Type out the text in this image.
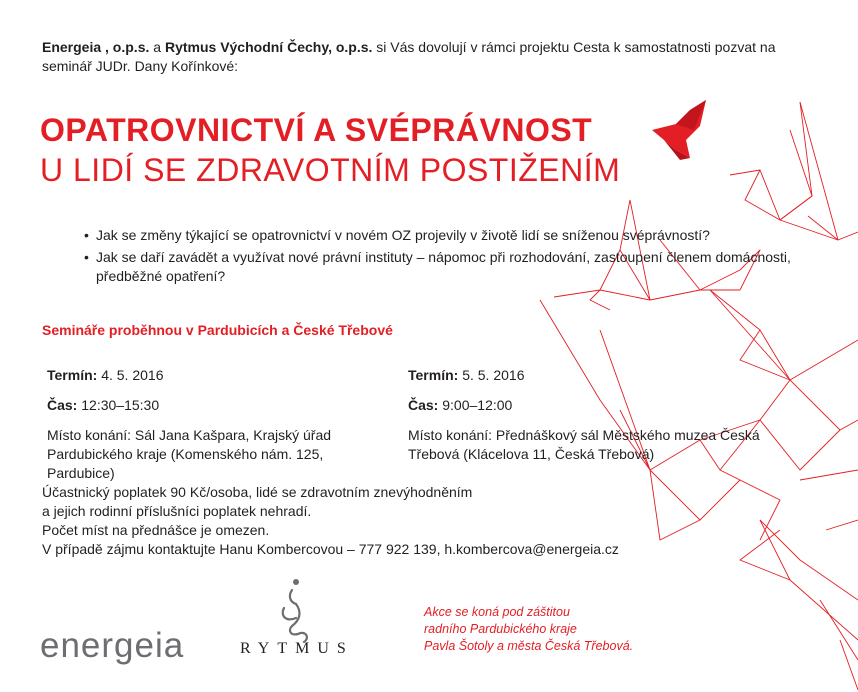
Energeia , o.p.s. a Rytmus Východní Čechy, o.p.s. si Vás dovolují v rámci projektu Cesta k samostatnosti pozvat na seminář JUDr. Dany Kořínkové:
OPATROVNICTVÍ A SVÉPRÁVNOST
U LIDÍ SE ZDRAVOTNÍM POSTIŽENÍM
• Jak se změny týkající se opatrovnictví v novém OZ projevily v životě lidí se sníženou svéprávností?
• Jak se daří zavádět a využívat nové právní instituty – nápomoc při rozhodování, zastoupení členem domácnosti, předběžné opatření?
Semináře proběhnou v Pardubicích a České Třebové

Termín: 4. 5. 2016

Čas: 12:30–15:30

Místo konání: Sál Jana Kašpara, Krajský úřad Pardubického kraje (Komenského nám. 125, Pardubice)

Termín: 5. 5. 2016

Čas: 9:00–12:00

Místo konání: Přednáškový sál Městského muzea Česká Třebová (Klácelova 11, Česká Třebová)

Účastnický poplatek 90 Kč/osoba, lidé se zdravotním znevýhodněním

a jejich rodinní příslušníci poplatek nehradí.

Počet míst na přednášce je omezen.

V případě zájmu kontaktujte Hanu Kombercovou – 777 922 139, h.kombercova@energeia.cz

energeia	RYTMUS

Akce se koná pod záštitou

radního Pardubického kraje

Pavla Šotoly a města Česká Třebová.
